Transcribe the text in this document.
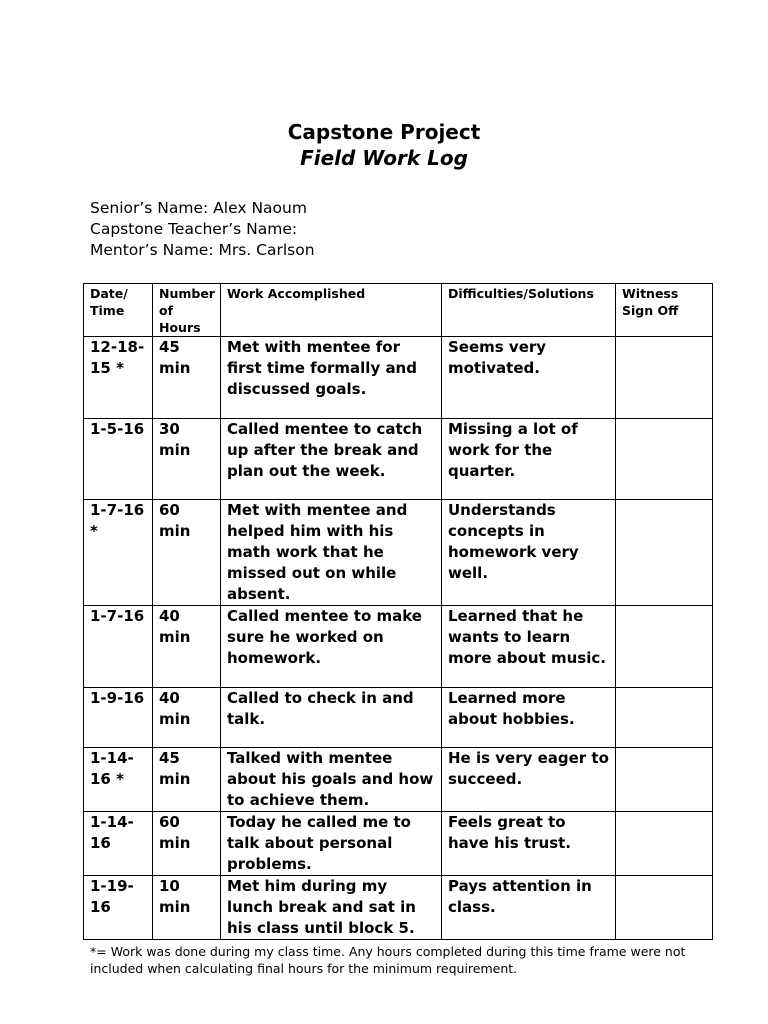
Capstone Project
Field Work Log
Senior’s Name: Alex Naoum
Capstone Teacher’s Name:
Mentor’s Name: Mrs. Carlson
Date/ Time	Number of Hours	Work Accomplished	Difficulties/Solutions	Witness Sign Off
12-18-15 *	45 min	Met with mentee for first time formally and discussed goals.	Seems very motivated.	
1-5-16	30 min	Called mentee to catch up after the break and plan out the week.	Missing a lot of work for the quarter.	
1-7-16 *	60 min	Met with mentee and helped him with his math work that he missed out on while absent.	Understands concepts in homework very well.	
1-7-16	40 min	Called mentee to make sure he worked on homework.	Learned that he wants to learn more about music.	
1-9-16	40 min	Called to check in and talk.	Learned more about hobbies.	
1-14-16 *	45 min	Talked with mentee about his goals and how to achieve them.	He is very eager to succeed.	
1-14-16	60 min	Today he called me to talk about personal problems.	Feels great to have his trust.	
1-19-16	10 min	Met him during my lunch break and sat in his class until block 5.	Pays attention in class.	
*= Work was done during my class time. Any hours completed during this time frame were not included when calculating final hours for the minimum requirement.
